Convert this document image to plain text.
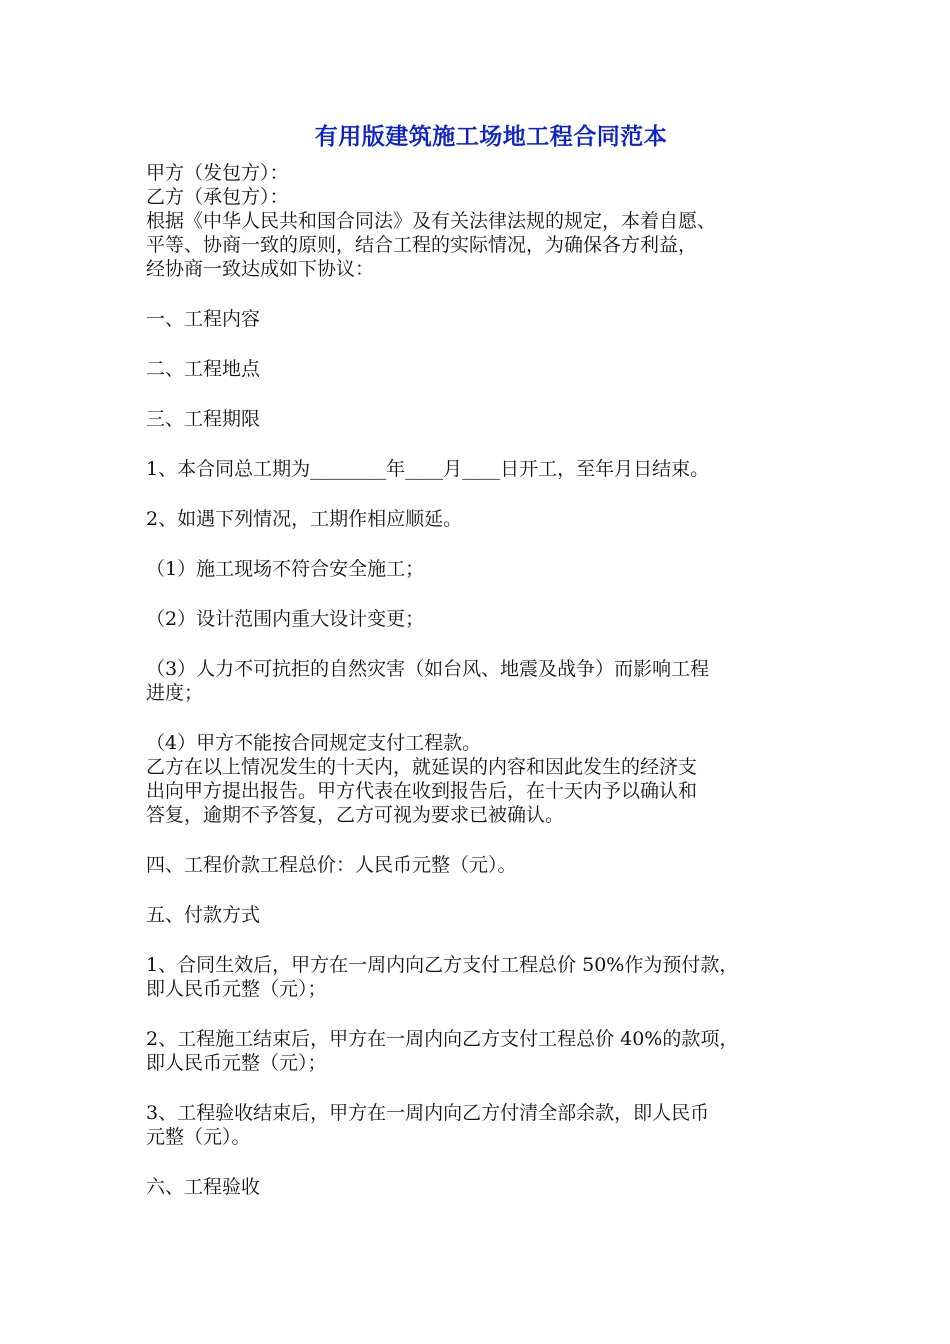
有用版建筑施工场地工程合同范本

甲方（发包方）：

乙方（承包方）：

根据《中华人民共和国合同法》及有关法律法规的规定，本着自愿、

平等、协商一致的原则，结合工程的实际情况，为确保各方利益，

经协商一致达成如下协议：

一、工程内容

二、工程地点

三、工程期限

1、本合同总工期为________年____月____日开工，至年月日结束。

2、如遇下列情况，工期作相应顺延。

（1）施工现场不符合安全施工；

（2）设计范围内重大设计变更；

（3）人力不可抗拒的自然灾害（如台风、地震及战争）而影响工程

进度；

（4）甲方不能按合同规定支付工程款。

乙方在以上情况发生的十天内，就延误的内容和因此发生的经济支

出向甲方提出报告。甲方代表在收到报告后，在十天内予以确认和

答复，逾期不予答复，乙方可视为要求已被确认。

四、工程价款工程总价：人民币元整（元）。

五、付款方式

1、合同生效后，甲方在一周内向乙方支付工程总价 50%作为预付款，

即人民币元整（元）；

2、工程施工结束后，甲方在一周内向乙方支付工程总价 40%的款项，

即人民币元整（元）；

3、工程验收结束后，甲方在一周内向乙方付清全部余款，即人民币

元整（元）。

六、工程验收
